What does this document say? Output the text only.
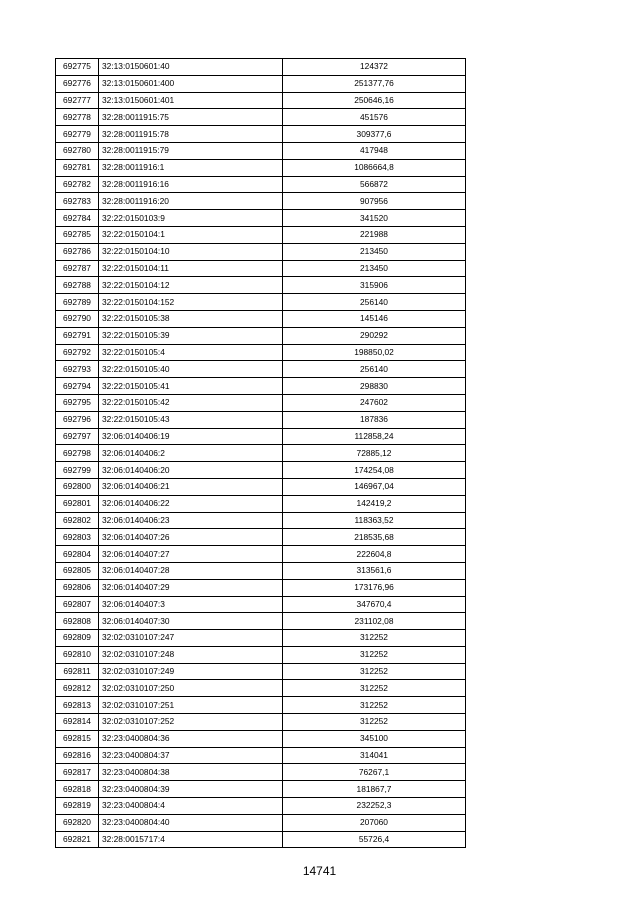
692775	32:13:0150601:40	124372
692776	32:13:0150601:400	251377,76
692777	32:13:0150601:401	250646,16
692778	32:28:0011915:75	451576
692779	32:28:0011915:78	309377,6
692780	32:28:0011915:79	417948
692781	32:28:0011916:1	1086664,8
692782	32:28:0011916:16	566872
692783	32:28:0011916:20	907956
692784	32:22:0150103:9	341520
692785	32:22:0150104:1	221988
692786	32:22:0150104:10	213450
692787	32:22:0150104:11	213450
692788	32:22:0150104:12	315906
692789	32:22:0150104:152	256140
692790	32:22:0150105:38	145146
692791	32:22:0150105:39	290292
692792	32:22:0150105:4	198850,02
692793	32:22:0150105:40	256140
692794	32:22:0150105:41	298830
692795	32:22:0150105:42	247602
692796	32:22:0150105:43	187836
692797	32:06:0140406:19	112858,24
692798	32:06:0140406:2	72885,12
692799	32:06:0140406:20	174254,08
692800	32:06:0140406:21	146967,04
692801	32:06:0140406:22	142419,2
692802	32:06:0140406:23	118363,52
692803	32:06:0140407:26	218535,68
692804	32:06:0140407:27	222604,8
692805	32:06:0140407:28	313561,6
692806	32:06:0140407:29	173176,96
692807	32:06:0140407:3	347670,4
692808	32:06:0140407:30	231102,08
692809	32:02:0310107:247	312252
692810	32:02:0310107:248	312252
692811	32:02:0310107:249	312252
692812	32:02:0310107:250	312252
692813	32:02:0310107:251	312252
692814	32:02:0310107:252	312252
692815	32:23:0400804:36	345100
692816	32:23:0400804:37	314041
692817	32:23:0400804:38	76267,1
692818	32:23:0400804:39	181867,7
692819	32:23:0400804:4	232252,3
692820	32:23:0400804:40	207060
692821	32:28:0015717:4	55726,4
14741
